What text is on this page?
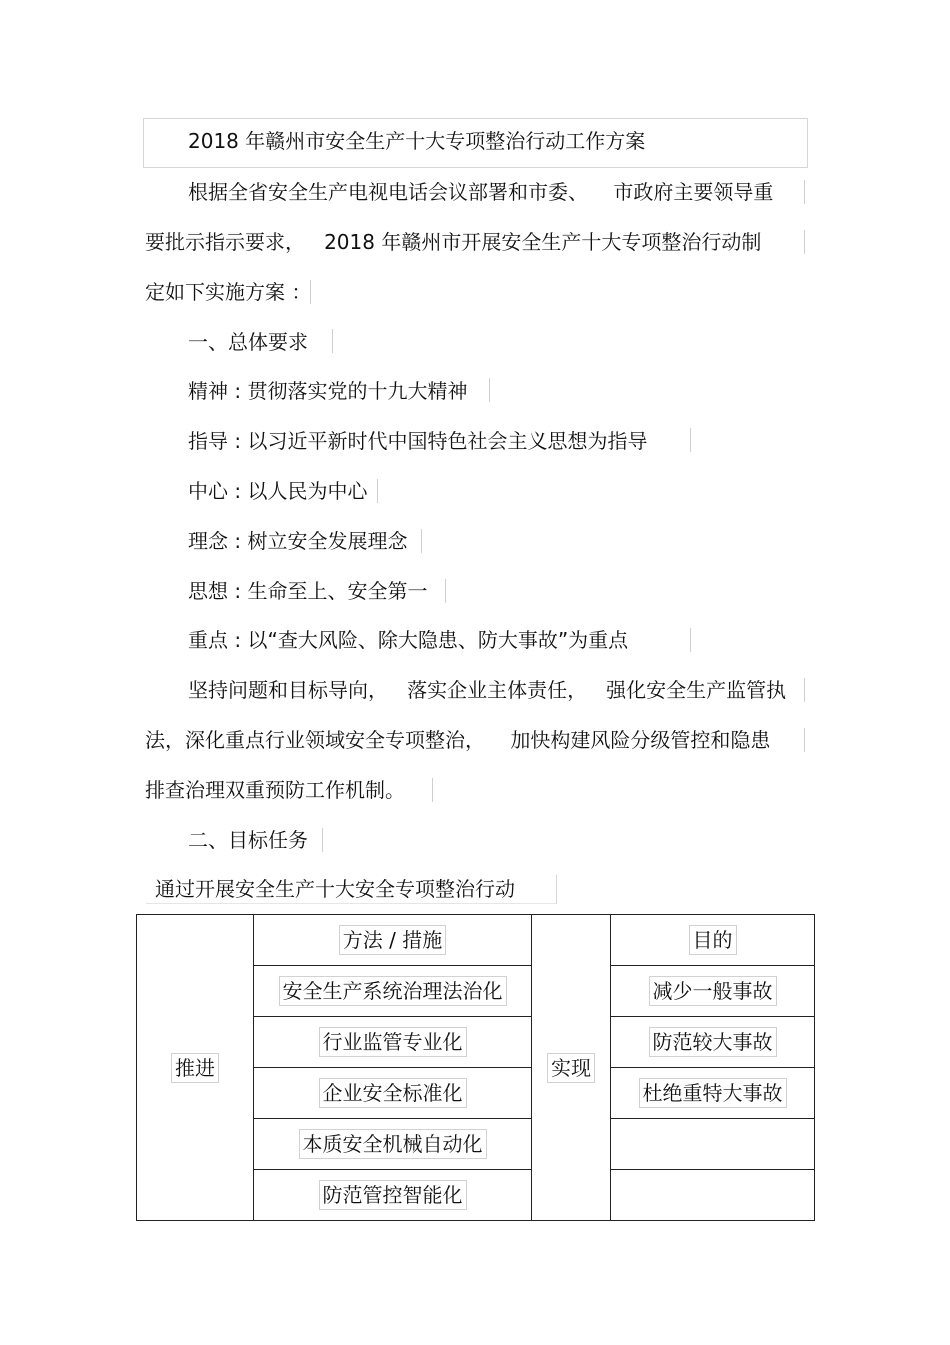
2018 年赣州市安全生产十大专项整治行动工作方案
根据全省安全生产电视电话会议部署和市委、    市政府主要领导重
要批示指示要求，   2018 年赣州市开展安全生产十大专项整治行动制
定如下实施方案 ：
一、总体要求
精神 : 贯彻落实党的十九大精神
指导 : 以习近平新时代中国特色社会主义思想为指导
中心 : 以人民为中心
理念 : 树立安全发展理念
思想 : 生命至上、安全第一
重点 : 以“查大风险、除大隐患、防大事故”为重点
坚持问题和目标导向，   落实企业主体责任，   强化安全生产监管执
法，深化重点行业领域安全专项整治，    加快构建风险分级管控和隐患
排查治理双重预防工作机制。
二、目标任务
通过开展安全生产十大安全专项整治行动
推进	方法 / 措施	实现	目的
	安全生产系统治理法治化		减少一般事故
	行业监管专业化		防范较大事故
	企业安全标准化		杜绝重特大事故
	本质安全机械自动化		
	防范管控智能化		
